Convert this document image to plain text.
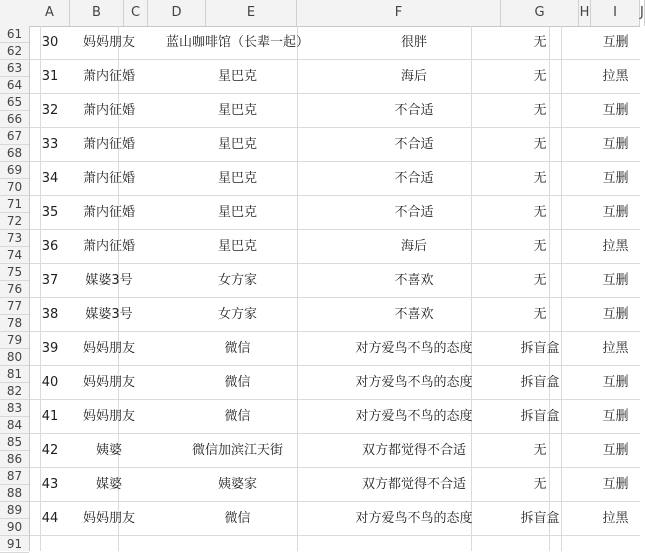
A	B	C	D	E	F	G	H	I	J
61
62
63
64
65
66
67
68
69
70
71
72
73
74
75
76
77
78
79
80
81
82
83
84
85
86
87
88
89
90
91
30	妈妈朋友	蓝山咖啡馆（长辈一起）	很胖	无	互删
31	萧内征婚	星巴克	海后	无	拉黑
32	萧内征婚	星巴克	不合适	无	互删
33	萧内征婚	星巴克	不合适	无	互删
34	萧内征婚	星巴克	不合适	无	互删
35	萧内征婚	星巴克	不合适	无	互删
36	萧内征婚	星巴克	海后	无	拉黑
37	媒婆3号	女方家	不喜欢	无	互删
38	媒婆3号	女方家	不喜欢	无	互删
39	妈妈朋友	微信	对方爱鸟不鸟的态度	拆盲盒	拉黑
40	妈妈朋友	微信	对方爱鸟不鸟的态度	拆盲盒	互删
41	妈妈朋友	微信	对方爱鸟不鸟的态度	拆盲盒	互删
42	姨婆	微信加滨江天街	双方都觉得不合适	无	互删
43	媒婆	姨婆家	双方都觉得不合适	无	互删
44	妈妈朋友	微信	对方爱鸟不鸟的态度	拆盲盒	拉黑
